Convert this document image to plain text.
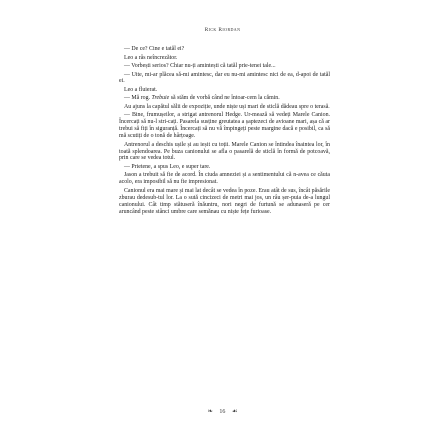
Rick Riordan

— De ce? Cine e tatăl ei?

Leo a râs neîncrezător.

— Vorbești serios? Chiar nu-ți amintești că tatăl prie-tenei tale...

— Uite, mi-ar plăcea să-mi amintesc, dar eu nu-mi amintesc nici de ea, d-apoi de tatăl ei.

Leo a fluierat.

— Mă rog. Trebuie să stăm de vorbă când ne întoar-cem la cămin.

Au ajuns la capătul sălii de expoziție, unde niște uși mari de sticlă dădeau spre o terasă.

— Bine, frumușeilor, a strigat antrenorul Hedge. Ur-mează să vedeți Marele Canion. Încercați să nu-l stri-cați. Pasarela susține greutatea a șaptezeci de avioane mari, așa că ar trebui să fiți în siguranță. Încercați să nu vă împingeți peste margine dacă e posibil, ca să mă scutiți de o tonă de hârțoage.

Antrenorul a deschis ușile și au ieșit cu toții. Marele Canion se întindea înaintea lor, în toată splendoarea. Pe buza canionului se afla o pasarelă de sticlă în formă de potcoavă, prin care se vedea totul.

— Prietene, a spus Leo, e super tare.

Jason a trebuit să fie de acord. În ciuda amneziei și a sentimentului că n-avea ce căuta acolo, era imposibil să nu fie impresionat.

Canionul era mai mare și mai lat decât se vedea în poze. Erau atât de sus, încât păsările zburau dedesub-tul lor. La o sută cincizeci de metri mai jos, un râu șer-puia de-a lungul canionului. Cât timp stătuseră înăuntru, nori negri de furtună se adunaseră pe cer aruncând peste stânci umbre care semănau cu niște fețe furioase.

❧ 16 ☙
